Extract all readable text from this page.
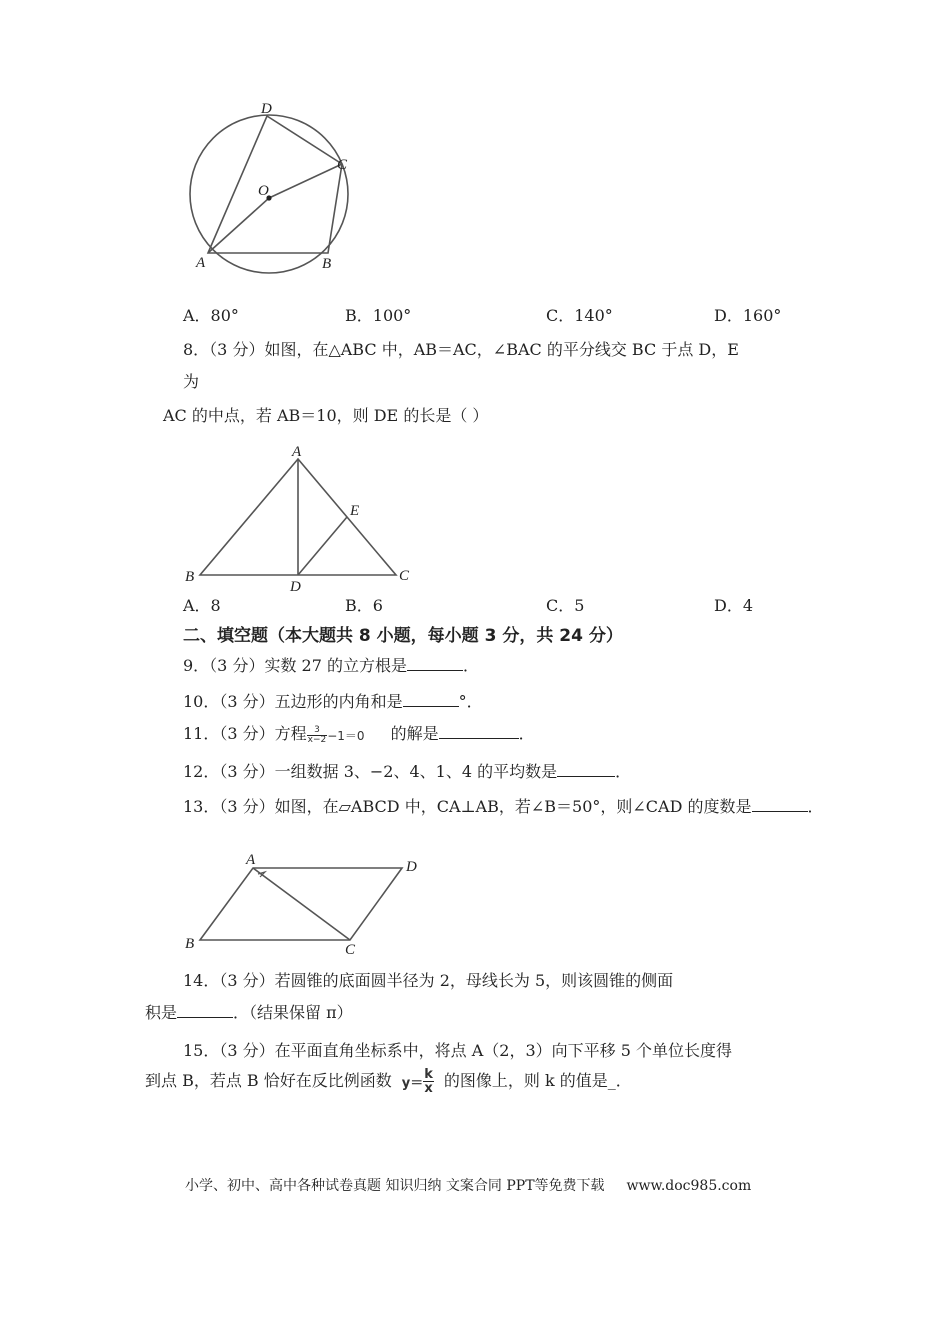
D
C
O
A	B
A．80°	B．100°	C．140°	D．160°
8．（3 分）如图，在△ABC 中，AB＝AC，∠BAC 的平分线交 BC 于点 D，E
为
AC 的中点，若 AB＝10，则 DE 的长是（ ）
A
E
B
D
C
A．8	B．6	C．5	D．4
二、填空题（本大题共 8 小题，每小题 3 分，共 24 分）
9．（3 分）实数 27 的立方根是	．
10．（3 分）五边形的内角和是	°．
11．（3 分）方程 $\frac{3}{x-2} -1=0$ 的解是	．
12．（3 分）一组数据 3、−2、4、1、4 的平均数是	．
13．（3 分）如图，在▱ABCD 中，CA⊥AB，若∠B＝50°，则∠CAD 的度数是	．
A	D
B	C
14．（3 分）若圆锥的底面圆半径为 2，母线长为 5，则该圆锥的侧面
积是	．（结果保留 π）
15．（3 分）在平面直角坐标系中，将点 A（2，3）向下平移 5 个单位长度得
到点 B，若点 B 恰好在反比例函数 $y= \frac{k}{x}$ 的图像上，则 k 的值是_．
小学、初中、高中各种试卷真题 知识归纳 文案合同 PPT等免费下载 www.doc985.com
